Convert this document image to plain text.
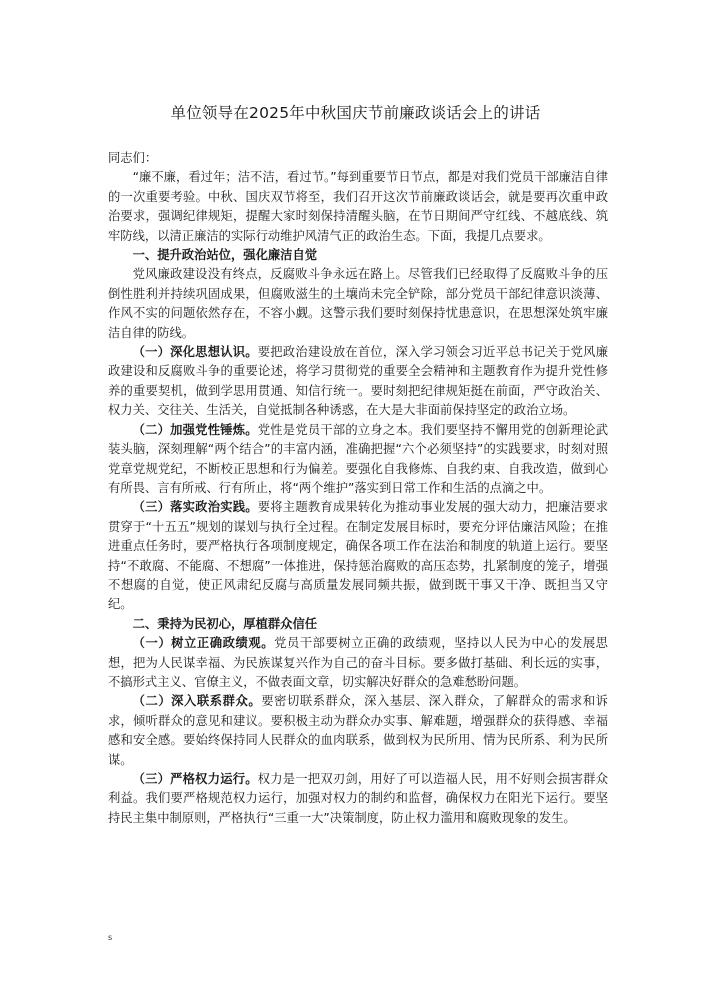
单位领导在2025年中秋国庆节前廉政谈话会上的讲话

同志们：

“廉不廉，看过年；洁不洁，看过节。”每到重要节日节点，都是对我们党员干部廉洁自律的一次重要考验。中秋、国庆双节将至，我们召开这次节前廉政谈话会，就是要再次重申政治要求，强调纪律规矩，提醒大家时刻保持清醒头脑，在节日期间严守红线、不越底线、筑牢防线，以清正廉洁的实际行动维护风清气正的政治生态。下面，我提几点要求。

一、提升政治站位，强化廉洁自觉

党风廉政建设没有终点，反腐败斗争永远在路上。尽管我们已经取得了反腐败斗争的压倒性胜利并持续巩固成果，但腐败滋生的土壤尚未完全铲除，部分党员干部纪律意识淡薄、作风不实的问题依然存在，不容小觑。这警示我们要时刻保持忧患意识，在思想深处筑牢廉洁自律的防线。

（一）深化思想认识。要把政治建设放在首位，深入学习领会习近平总书记关于党风廉政建设和反腐败斗争的重要论述，将学习贯彻党的重要全会精神和主题教育作为提升党性修养的重要契机，做到学思用贯通、知信行统一。要时刻把纪律规矩挺在前面，严守政治关、权力关、交往关、生活关，自觉抵制各种诱惑，在大是大非面前保持坚定的政治立场。

（二）加强党性锤炼。党性是党员干部的立身之本。我们要坚持不懈用党的创新理论武装头脑，深刻理解“两个结合”的丰富内涵，准确把握“六个必须坚持”的实践要求，时刻对照党章党规党纪，不断校正思想和行为偏差。要强化自我修炼、自我约束、自我改造，做到心有所畏、言有所戒、行有所止，将“两个维护”落实到日常工作和生活的点滴之中。

（三）落实政治实践。要将主题教育成果转化为推动事业发展的强大动力，把廉洁要求贯穿于“十五五”规划的谋划与执行全过程。在制定发展目标时，要充分评估廉洁风险；在推进重点任务时，要严格执行各项制度规定，确保各项工作在法治和制度的轨道上运行。要坚持“不敢腐、不能腐、不想腐”一体推进，保持惩治腐败的高压态势，扎紧制度的笼子，增强不想腐的自觉，使正风肃纪反腐与高质量发展同频共振，做到既干事又干净、既担当又守纪。

二、秉持为民初心，厚植群众信任

（一）树立正确政绩观。党员干部要树立正确的政绩观，坚持以人民为中心的发展思想，把为人民谋幸福、为民族谋复兴作为自己的奋斗目标。要多做打基础、利长远的实事，不搞形式主义、官僚主义，不做表面文章，切实解决好群众的急难愁盼问题。

（二）深入联系群众。要密切联系群众，深入基层、深入群众，了解群众的需求和诉求，倾听群众的意见和建议。要积极主动为群众办实事、解难题，增强群众的获得感、幸福感和安全感。要始终保持同人民群众的血肉联系，做到权为民所用、情为民所系、利为民所谋。

（三）严格权力运行。权力是一把双刃剑，用好了可以造福人民，用不好则会损害群众利益。我们要严格规范权力运行，加强对权力的制约和监督，确保权力在阳光下运行。要坚持民主集中制原则，严格执行“三重一大”决策制度，防止权力滥用和腐败现象的发生。

s
